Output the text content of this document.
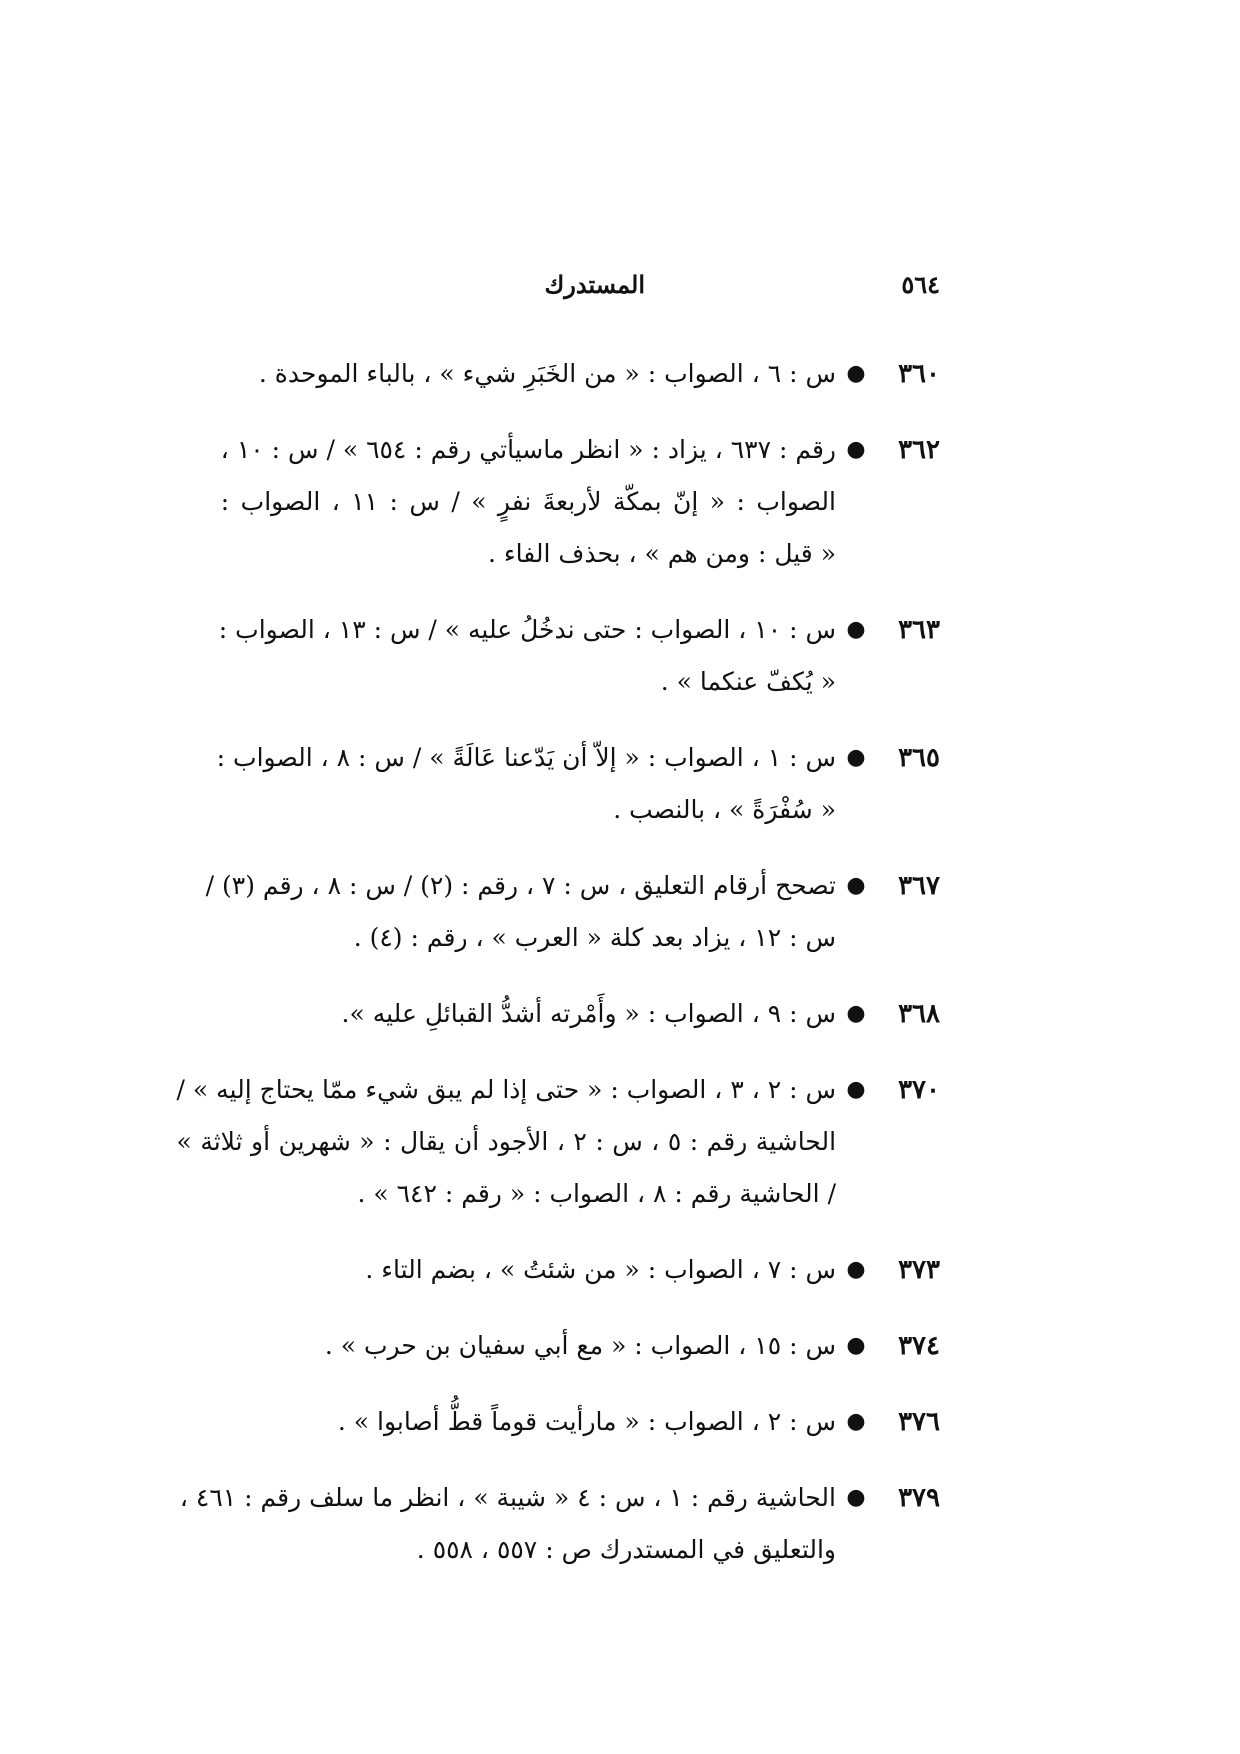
٥٦٤
المستدرك
٣٦٠
●
س : ٦ ، الصواب : « من الخَبَرِ شيء » ، بالباء الموحدة .
٣٦٢
●
رقم : ٦٣٧ ، يزاد : « انظر ماسيأتي رقم : ٦٥٤ » / س : ١٠ ،
الصواب : « إنّ بمكّة لأربعةَ نفرٍ » / س : ١١ ، الصواب :
« قيل : ومن هم » ، بحذف الفاء .
٣٦٣
●
س : ١٠ ، الصواب : حتى ندخُلُ عليه » / س : ١٣ ، الصواب :
« يُكفّ عنكما » .
٣٦٥
●
س : ١ ، الصواب : « إلاّ أن يَدّعنا عَالَةً » / س : ٨ ، الصواب :
« سُفْرَةً » ، بالنصب .
٣٦٧
●
تصحح أرقام التعليق ، س : ٧ ، رقم : (٢) / س : ٨ ، رقم (٣) /
س : ١٢ ، يزاد بعد كلة « العرب » ، رقم : (٤) .
٣٦٨
●
س : ٩ ، الصواب : « وأَمْرته أشدُّ القبائلِ عليه ».
٣٧٠
●
س : ٢ ، ٣ ، الصواب : « حتى إذا لم يبق شيء ممّا يحتاج إليه » /
الحاشية رقم : ٥ ، س : ٢ ، الأجود أن يقال : « شهرين أو ثلاثة »
/ الحاشية رقم : ٨ ، الصواب : « رقم : ٦٤٢ » .
٣٧٣
●
س : ٧ ، الصواب : « من شئتُ » ، بضم التاء .
٣٧٤
●
س : ١٥ ، الصواب : « مع أبي سفيان بن حرب » .
٣٧٦
●
س : ٢ ، الصواب : « مارأيت قوماً قطُّ أصابوا » .
٣٧٩
●
الحاشية رقم : ١ ، س : ٤ « شيبة » ، انظر ما سلف رقم : ٤٦١ ،
والتعليق في المستدرك ص : ٥٥٧ ، ٥٥٨ .
